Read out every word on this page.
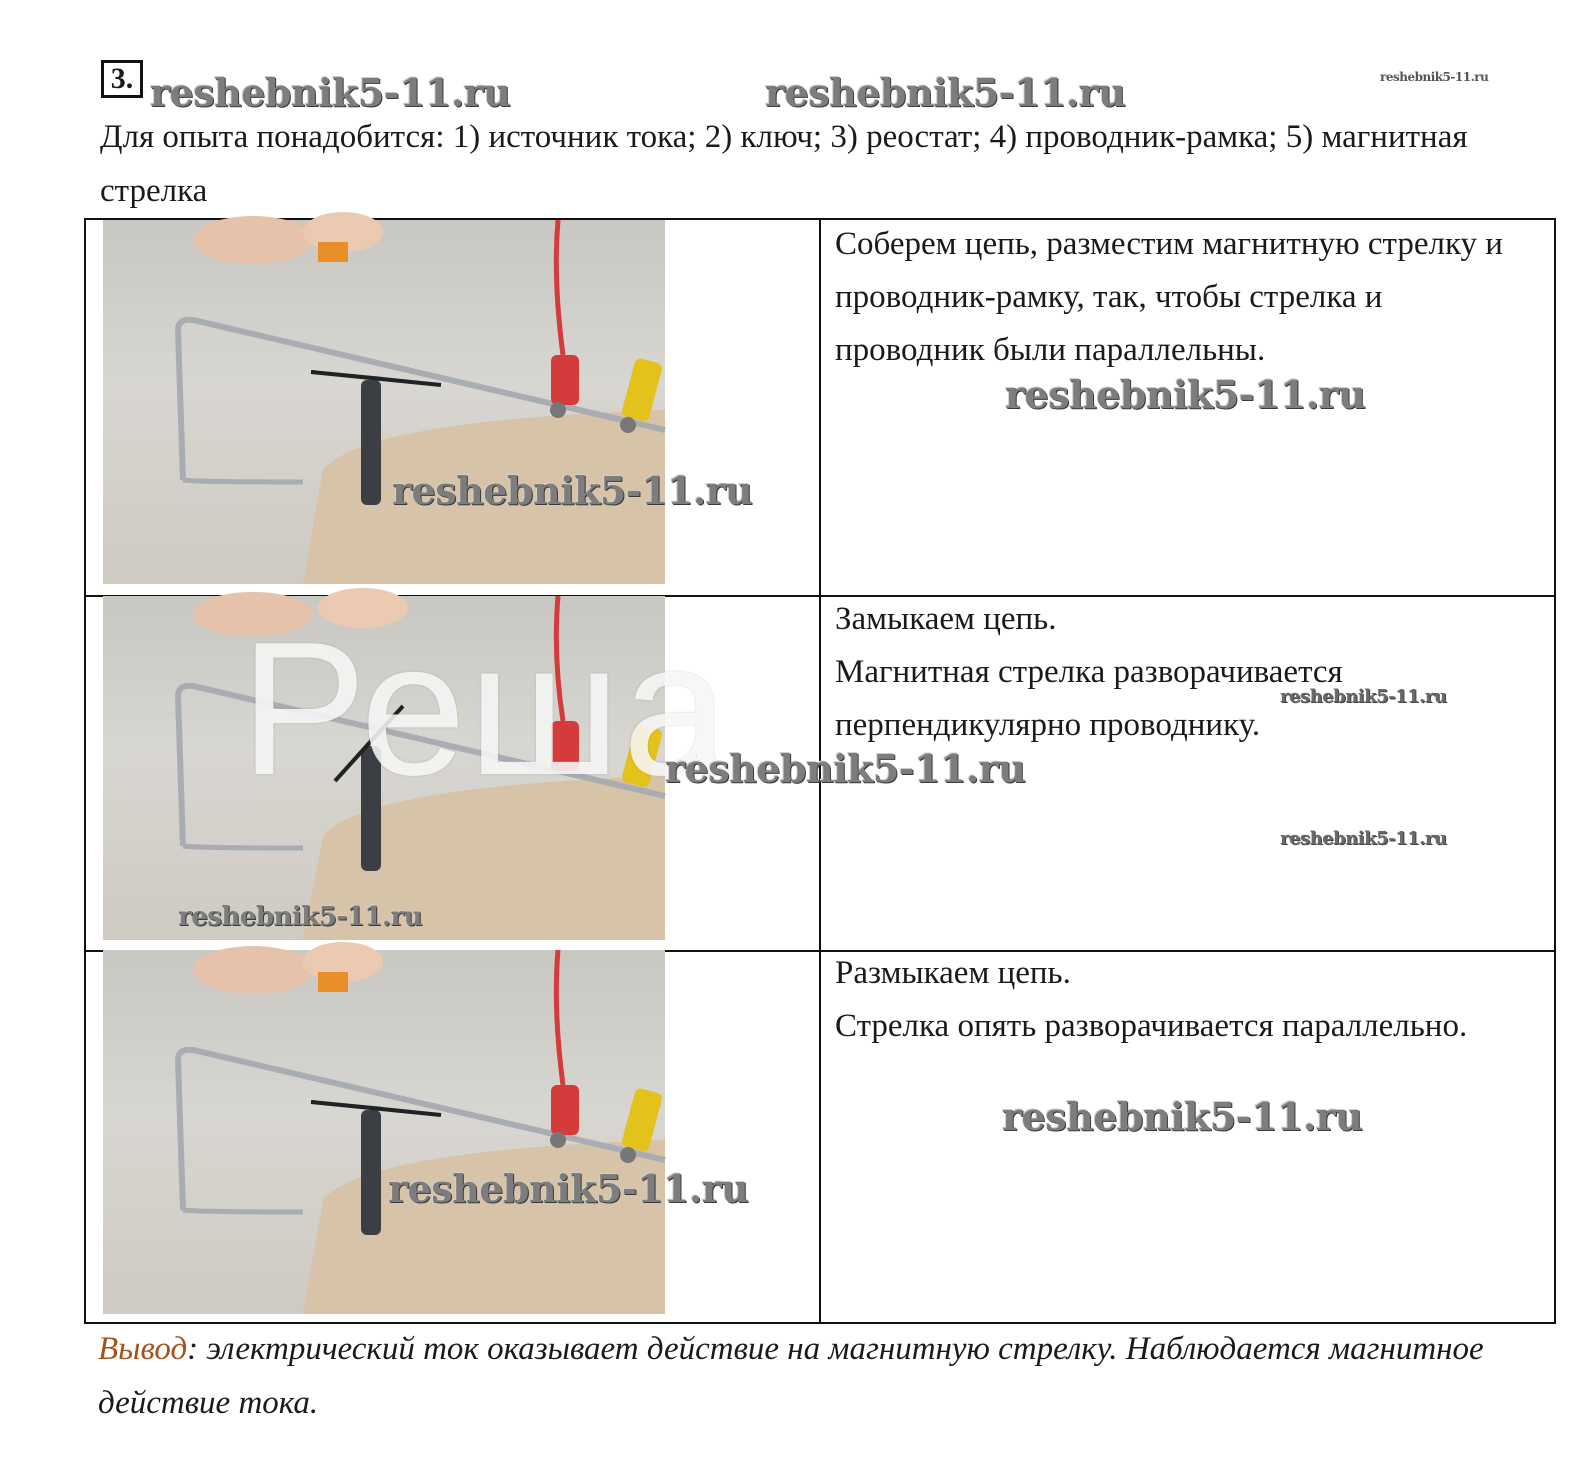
3. reshebnik5-11.ru	reshebnik5-11.ru	reshebnik5-11.ru

Для опыта понадобится: 1) источник тока; 2) ключ; 3) реостат; 4) проводник-рамка; 5) магнитная стрелка

Реша

Соберем цепь, разместим магнитную стрелку и проводник-рамку, так, чтобы стрелка и проводник были параллельны.

Замыкаем цепь.

Магнитная стрелка разворачивается перпендикулярно проводнику.

Размыкаем цепь.

Стрелка опять разворачивается параллельно.

reshebnik5-11.ru
reshebnik5-11.ru
reshebnik5-11.ru
reshebnik5-11.ru
reshebnik5-11.ru
reshebnik5-11.ru
reshebnik5-11.ru
reshebnik5-11.ru

Вывод: электрический ток оказывает действие на магнитную стрелку. Наблюдается магнитное действие тока.
